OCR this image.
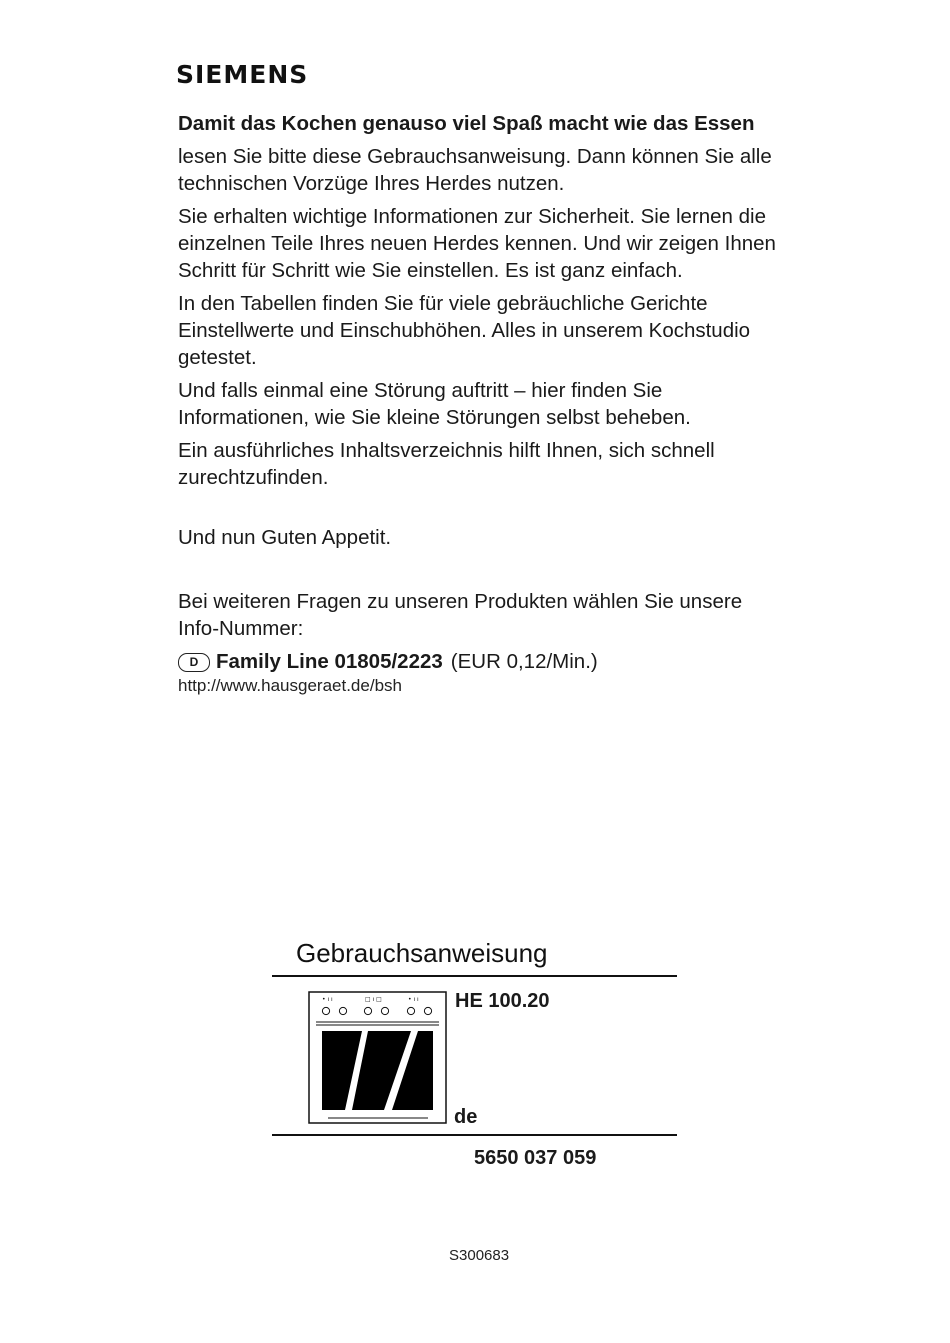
SIEMENS

Damit das Kochen genauso viel Spaß macht wie das Essen

lesen Sie bitte diese Gebrauchsanweisung. Dann können Sie alle technischen Vorzüge Ihres Herdes nutzen.

Sie erhalten wichtige Informationen zur Sicherheit. Sie lernen die einzelnen Teile Ihres neuen Herdes kennen. Und wir zeigen Ihnen Schritt für Schritt wie Sie einstellen. Es ist ganz einfach.

In den Tabellen finden Sie für viele gebräuchliche Gerichte Einstellwerte und Einschubhöhen. Alles in unserem Kochstudio getestet.

Und falls einmal eine Störung auftritt – hier finden Sie Informationen, wie Sie kleine Störungen selbst beheben.

Ein ausführliches Inhaltsverzeichnis hilft Ihnen, sich schnell zurechtzufinden.

Und nun Guten Appetit.

Bei weiteren Fragen zu unseren Produkten wählen Sie unsere Info-Nummer:

D Family Line 01805/2223 (EUR 0,12/Min.)
http://www.hausgeraet.de/bsh
Gebrauchsanweisung
• ı ı	□ ı □	• ı ı HE 100.20
de
5650 037 059
S300683
